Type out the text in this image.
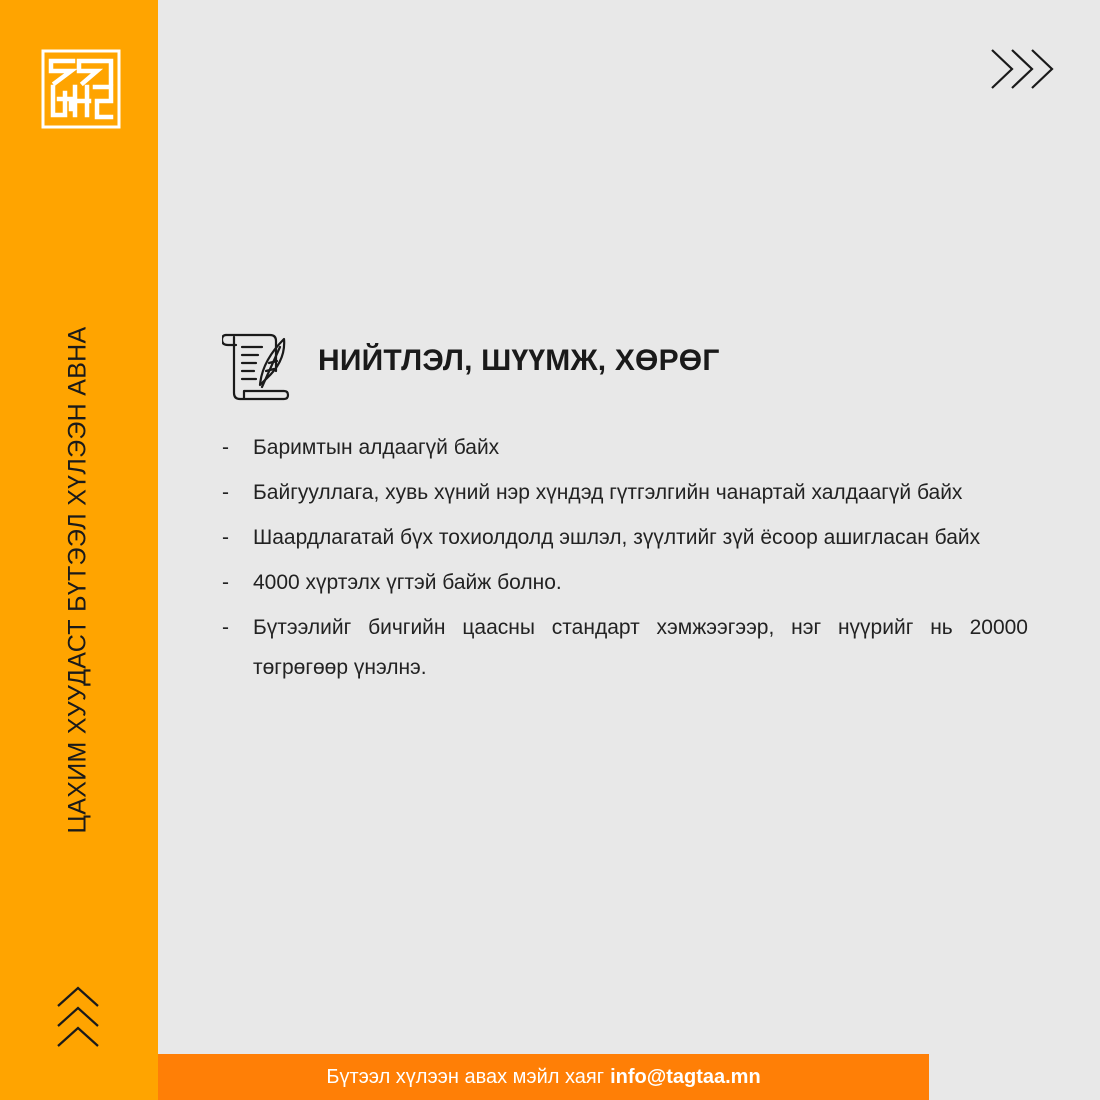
ЦАХИМ ХУУДАСТ БҮТЭЭЛ ХҮЛЭЭН АВНА	НИЙТЛЭЛ, ШҮҮМЖ, ХӨРӨГ
- Баримтын алдаагүй байх
- Байгууллага, хувь хүний нэр хүндэд гүтгэлгийн чанартай халдаагүй байх
- Шаардлагатай бүх тохиолдолд эшлэл, зүүлтийг зүй ёсоор ашигласан байх
- 4000 хүртэлх үгтэй байж болно.
- Бүтээлийг бичгийн цаасны стандарт хэмжээгээр, нэг нүүрийг нь 20000 төгрөгөөр үнэлнэ.
Бүтээл хүлээн авах мэйл хаяг info@tagtaa.mn
